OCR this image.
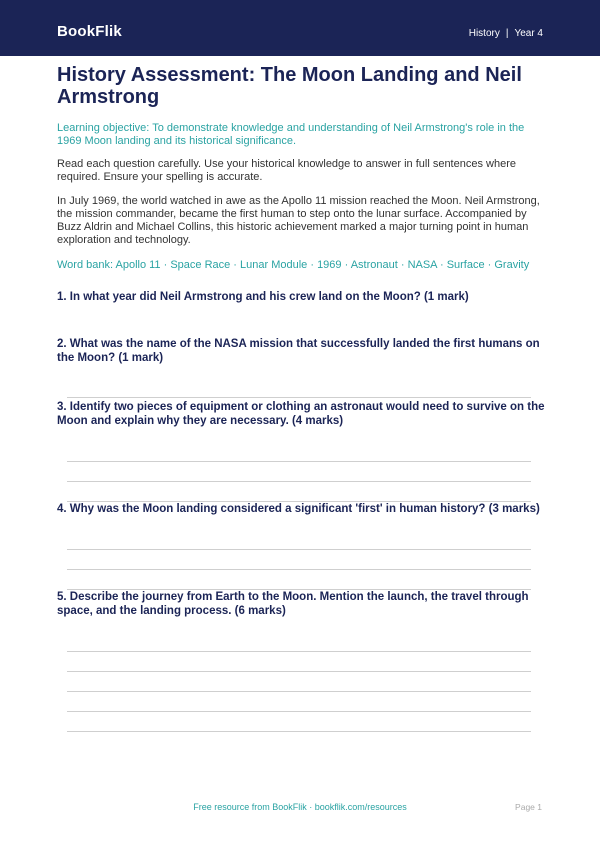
BookFlik	History | Year 4
History Assessment: The Moon Landing and Neil Armstrong

Learning objective: To demonstrate knowledge and understanding of Neil Armstrong's role in the 1969 Moon landing and its historical significance.

Read each question carefully. Use your historical knowledge to answer in full sentences where required. Ensure your spelling is accurate.

In July 1969, the world watched in awe as the Apollo 11 mission reached the Moon. Neil Armstrong, the mission commander, became the first human to step onto the lunar surface. Accompanied by Buzz Aldrin and Michael Collins, this historic achievement marked a major turning point in human exploration and technology.

Word bank: Apollo 11 · Space Race · Lunar Module · 1969 · Astronaut · NASA · Surface · Gravity

1. In what year did Neil Armstrong and his crew land on the Moon? (1 mark)

2. What was the name of the NASA mission that successfully landed the first humans on the Moon? (1 mark)

3. Identify two pieces of equipment or clothing an astronaut would need to survive on the Moon and explain why they are necessary. (4 marks)

4. Why was the Moon landing considered a significant 'first' in human history? (3 marks)

5. Describe the journey from Earth to the Moon. Mention the launch, the travel through space, and the landing process. (6 marks)

Free resource from BookFlik · bookflik.com/resources	Page 1
